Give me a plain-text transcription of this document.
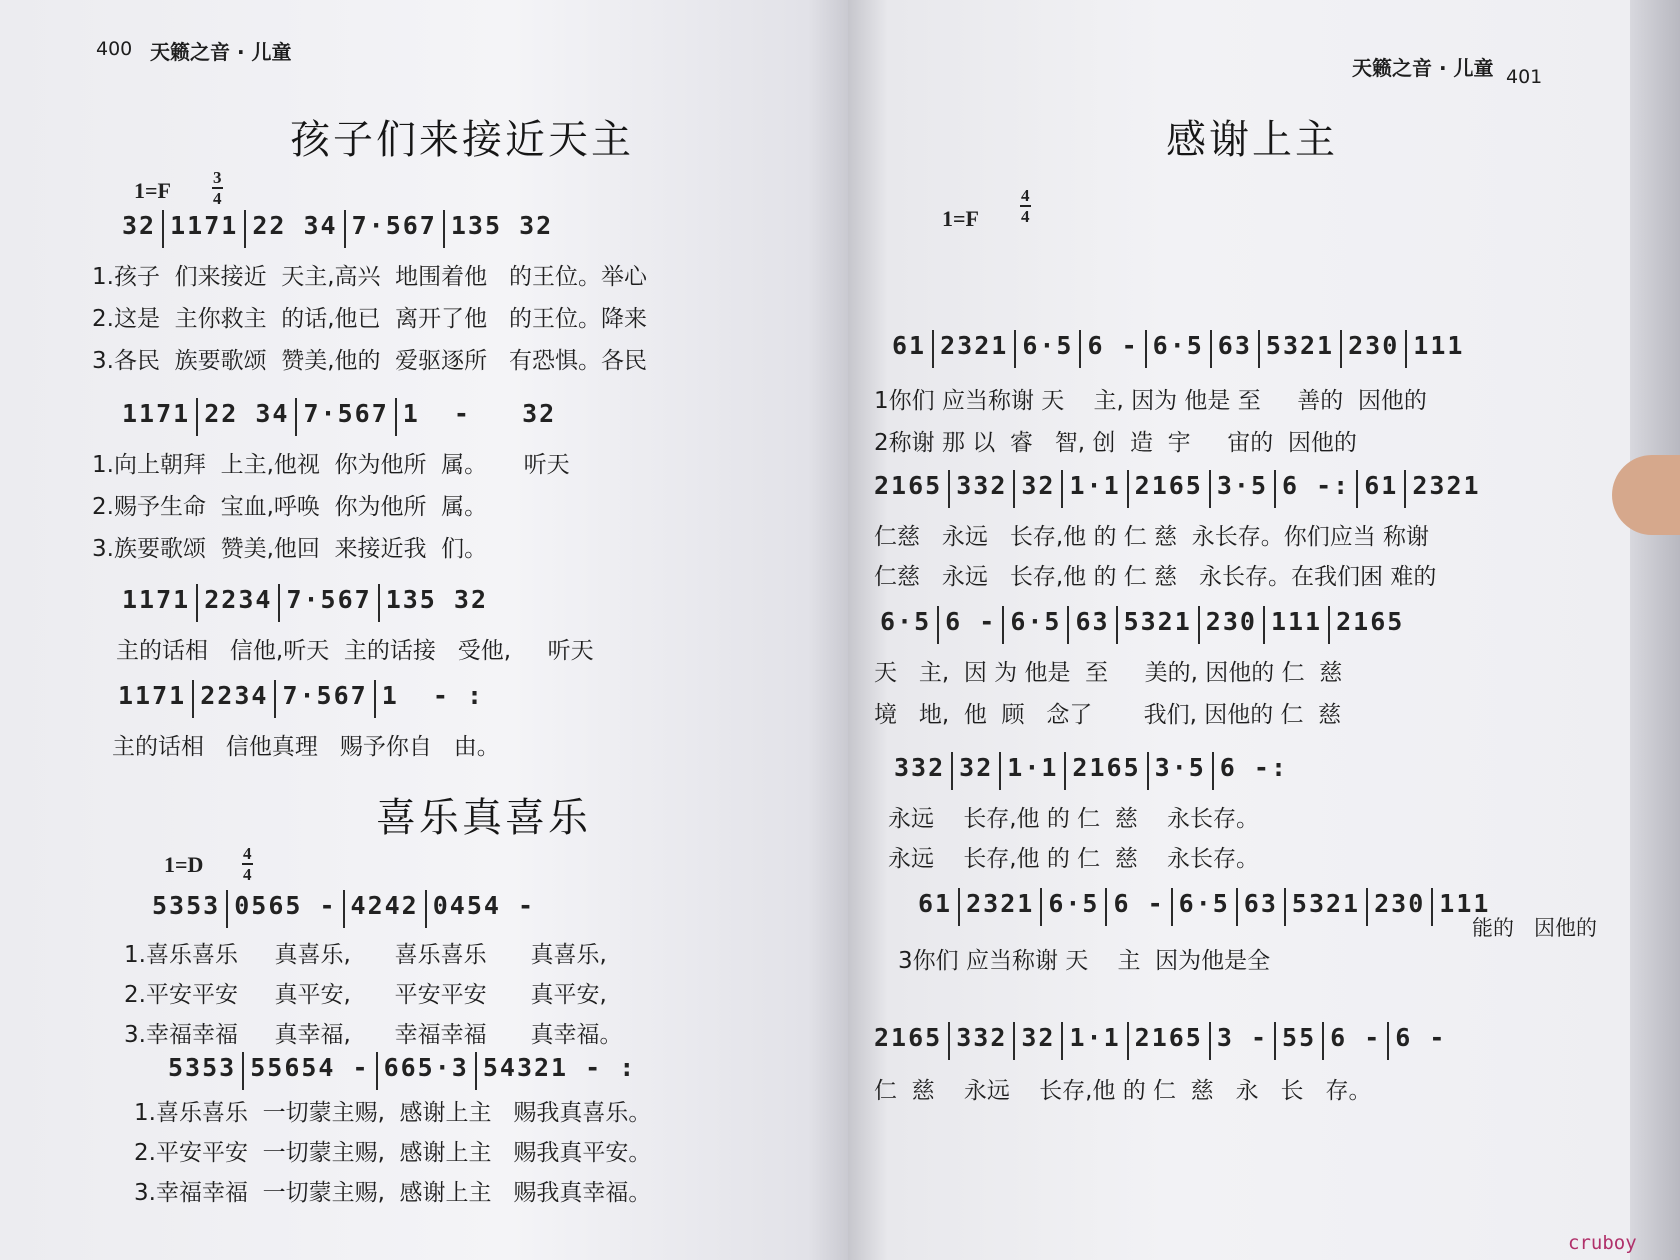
400 天籁之音 · 儿童
孩子们来接近天主
1=F
3
4
32 1171 22 34 7·567 135 32
1.孩子  们来接近  天主,高兴  地围着他   的王位。举心
2.这是  主你救主  的话,他已  离开了他   的王位。降来
3.各民  族要歌颂  赞美,他的  爱驱逐所   有恐惧。各民
1171 22 34 7·567 1  -   32
1.向上朝拜  上主,他视  你为他所  属。     听天
2.赐予生命  宝血,呼唤  你为他所  属。
3.族要歌颂  赞美,他回  来接近我  们。
1171 2234 7·567 135 32
主的话相   信他,听天  主的话接   受他,     听天
1171 2234 7·567 1  - :
主的话相   信他真理   赐予你自   由。
喜乐真喜乐
1=D 4
4
5353 0565 - 4242 0454 -
1.喜乐喜乐     真喜乐,      喜乐喜乐      真喜乐,
2.平安平安     真平安,      平安平安      真平安,
3.幸福幸福     真幸福,      幸福幸福      真幸福。
5353 55654 - 665·3 54321 - :
1.喜乐喜乐  一切蒙主赐,  感谢上主   赐我真喜乐。
2.平安平安  一切蒙主赐,  感谢上主   赐我真平安。
3.幸福幸福  一切蒙主赐,  感谢上主   赐我真幸福。
天籁之音 · 儿童 401
感谢上主
1=F
4
4
61 2321 6·5 6 - 6·5 63 5321 230 111
1你们 应当称谢 天    主, 因为 他是 至     善的  因他的
2称谢 那 以  睿   智, 创  造  宇     宙的  因他的
2165 332 32 1·1 2165 3·5 6 -: 61 2321
仁慈   永远   长存,他 的 仁 慈  永长存。你们应当 称谢
仁慈   永远   长存,他 的 仁 慈   永长存。在我们困 难的
6·5 6 - 6·5 63 5321 230 111 2165
天   主,  因 为 他是  至     美的, 因他的 仁  慈
境   地,  他  顾   念了       我们, 因他的 仁  慈
332 32 1·1 2165 3·5 6 -:
永远    长存,他 的 仁  慈    永长存。
永远    长存,他 的 仁  慈    永长存。
61 2321 6·5 6 - 6·5 63 5321 230 111
能的   因他的
3你们 应当称谢 天    主  因为他是全
2165 332 32 1·1 2165 3 - 55 6 - 6 -
仁  慈    永远    长存,他 的 仁  慈   永   长   存。
cruboy
